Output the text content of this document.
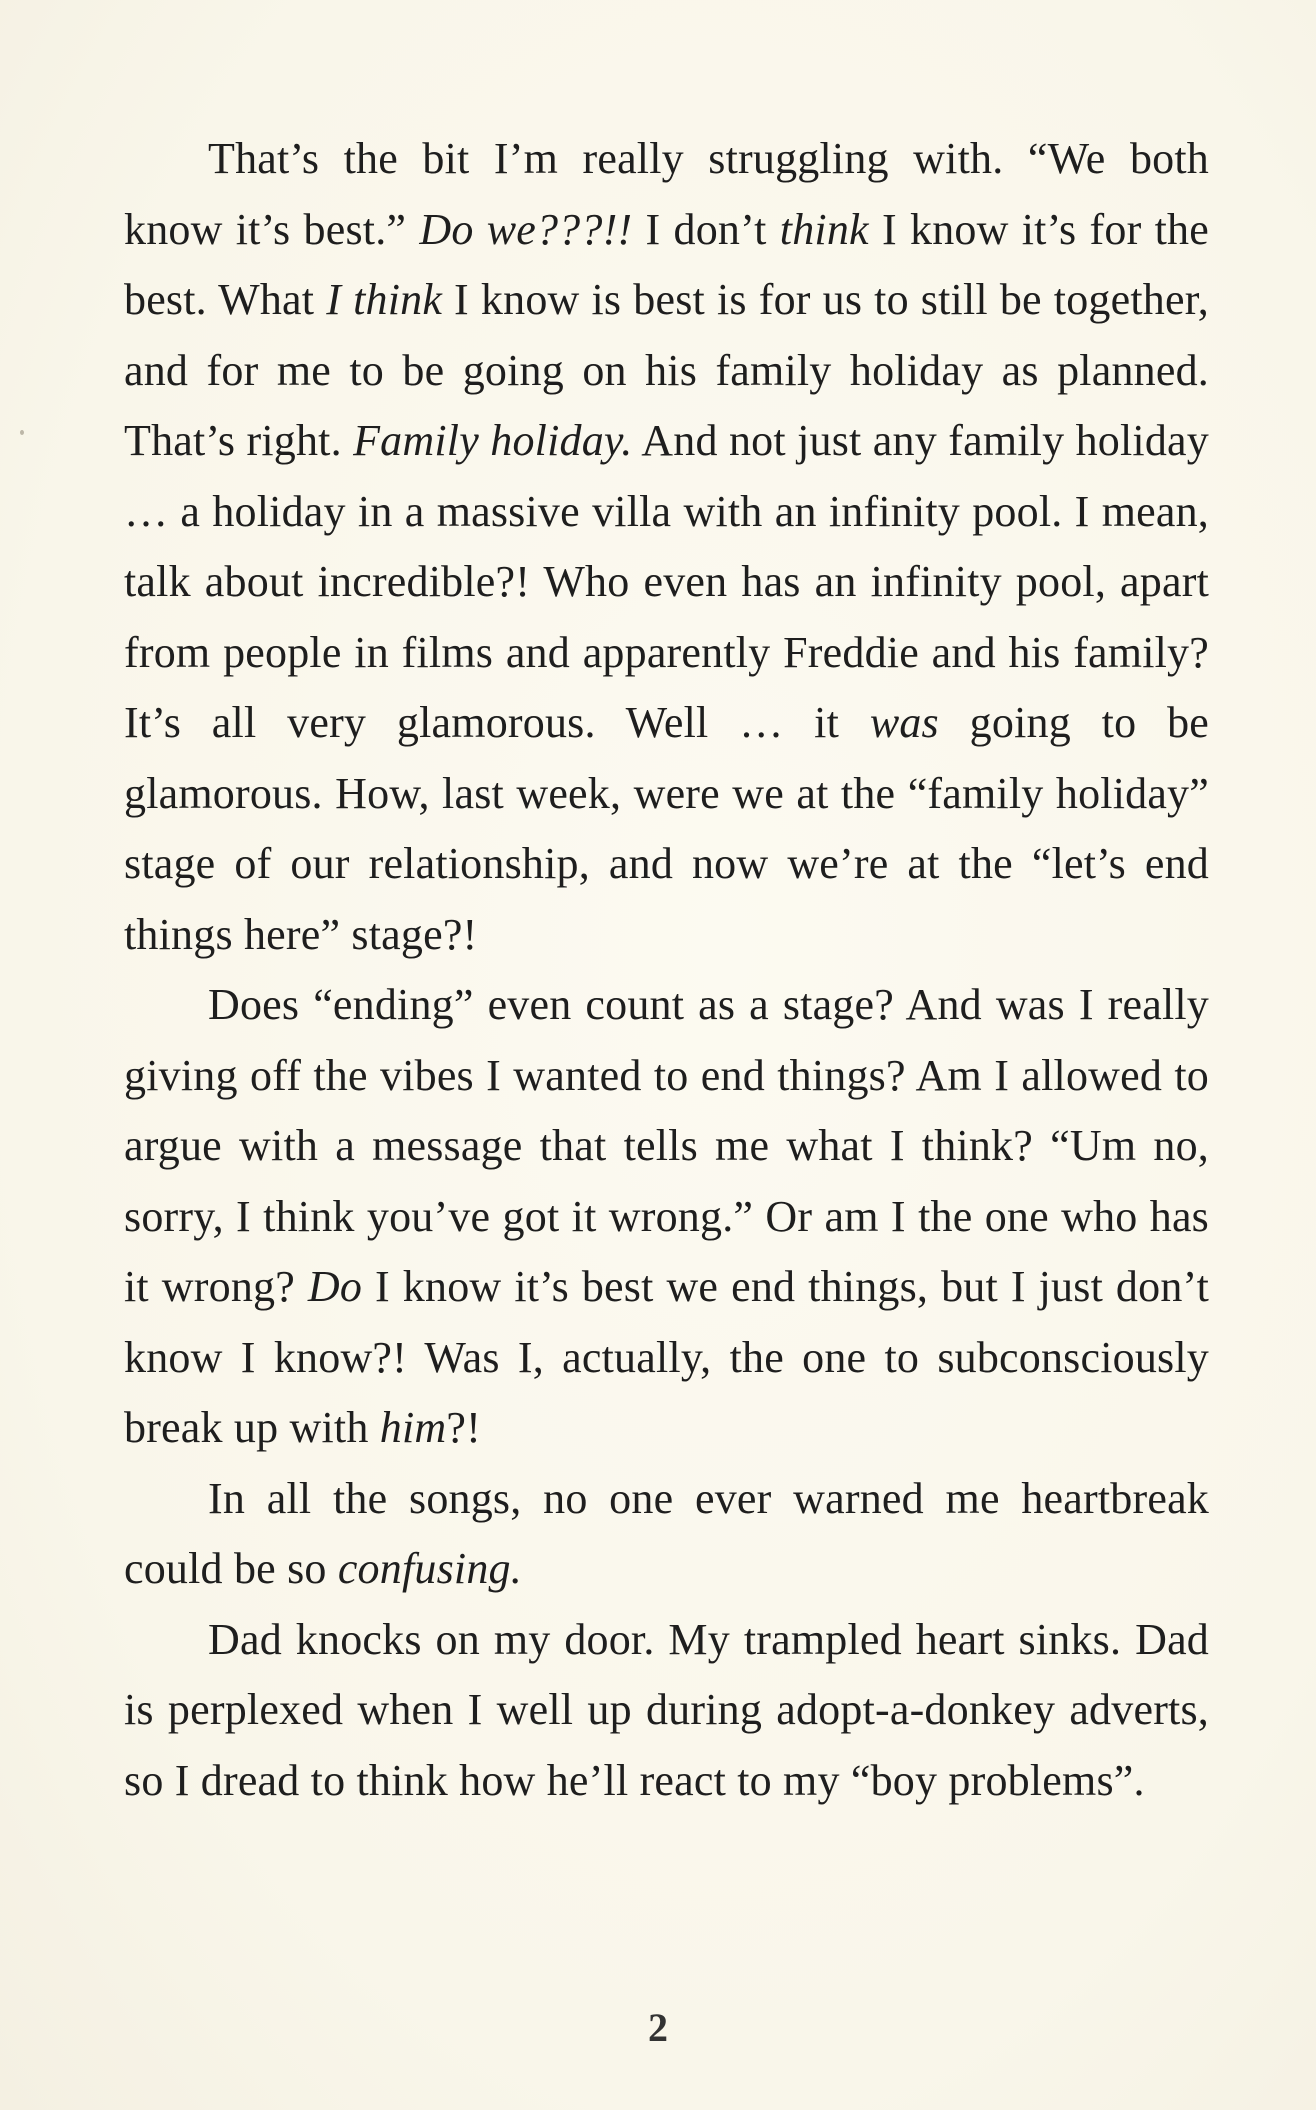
That’s the bit I’m really struggling with. “We both know it’s best.” Do we???!! I don’t think I know it’s for the best. What I think I know is best is for us to still be together, and for me to be going on his family holiday as planned. That’s right. Family holiday. And not just any family holiday … a holiday in a massive villa with an infinity pool. I mean, talk about incredible?! Who even has an infinity pool, apart from people in films and apparently Freddie and his family? It’s all very glamorous. Well … it was going to be glamorous. How, last week, were we at the “family holiday” stage of our relationship, and now we’re at the “let’s end things here” stage?!

Does “ending” even count as a stage? And was I really giving off the vibes I wanted to end things? Am I allowed to argue with a message that tells me what I think? “Um no, sorry, I think you’ve got it wrong.” Or am I the one who has it wrong? Do I know it’s best we end things, but I just don’t know I know?! Was I, actually, the one to subconsciously break up with him?!

In all the songs, no one ever warned me heartbreak could be so confusing.

Dad knocks on my door. My trampled heart sinks. Dad is perplexed when I well up during adopt-a-donkey adverts, so I dread to think how he’ll react to my “boy problems”.

2
